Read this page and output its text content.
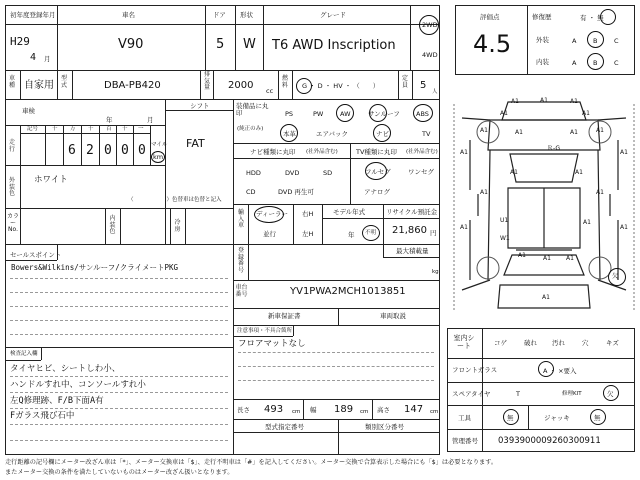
初年度登録年月	車名	ドア 形状	グレード
H29
4 月
V90	5 W T6 AWD Inscription
2WD
4WD
車種 自家用
型式	DBA-PB420
排気量 2000 cc
燃料	G ・ D ・ HV ・ （　　）
定員 5
人
車検
年	月
シフト
FAT
記号	十 万 千 百 十 一
走行	6 2 0 0 0 マイル
km
外装色
ホワイト
（　　　　　　）色替車は色替と記入
カラーNo.
内装色
冷房
セールスポイント
Bowers&Wilkins/サンルーフ/クライメートPKG
検査記入欄
タイヤヒビ、シートしわ小、
ハンドルすれ中、コンソールすれ小
左Q修理跡、F/B下面A有
Fガラス飛び石中
装備品に丸印
(純正のみ)
PS	PW	AW	サンルーフ	ABS
本革	エアバック	ナビ	TV
ナビ種類に丸印 (社外品含む)	TV種類に丸印 (社外品含む)
HDD	DVD	SD
CD	DVD 再生可
フルセグ	ワンセグ
アナログ
輸入車
ディーラー
並行
右H
左H
モデル年式
年 不明
リサイクル預託金
21,860 円
登録番号
最大積載量
kg
車台番号	YV1PWA2MCH1013851
新車保証書	車両取説
注意事項・不具合箇所
フロアマットなし
長さ 493 cm 幅 189 cm 高さ 147 cm
型式指定番号	類別区分番号
評価点
4.5
修復歴	有 ・ 無
外装	A	B	C
内装	A	B	C
A1	A1	A1
A1	A1
A1	A1
A1	A1
A1	A1
A1	A1
A1
U1
W1
A1
A1	A1
A1
A1	A1	A1
A1
Ｒ-G
欠
室内シート	コゲ	破れ 汚れ	穴	キズ
フロントガラス	A ・ ×要入
スペアタイヤ	T	修理KIT	欠
工具	無	ジャッキ	無
管理番号 0393900009260300911
走行距離の記号欄にメーター改ざん車は「*」、メーター交換車は「$」、走行不明車は「#」を記入してください。メーター交換で合算表示した場合にも「$」は必要となります。
またメーター交換の条件を満たしていないものはメーター改ざん扱いとなります。
